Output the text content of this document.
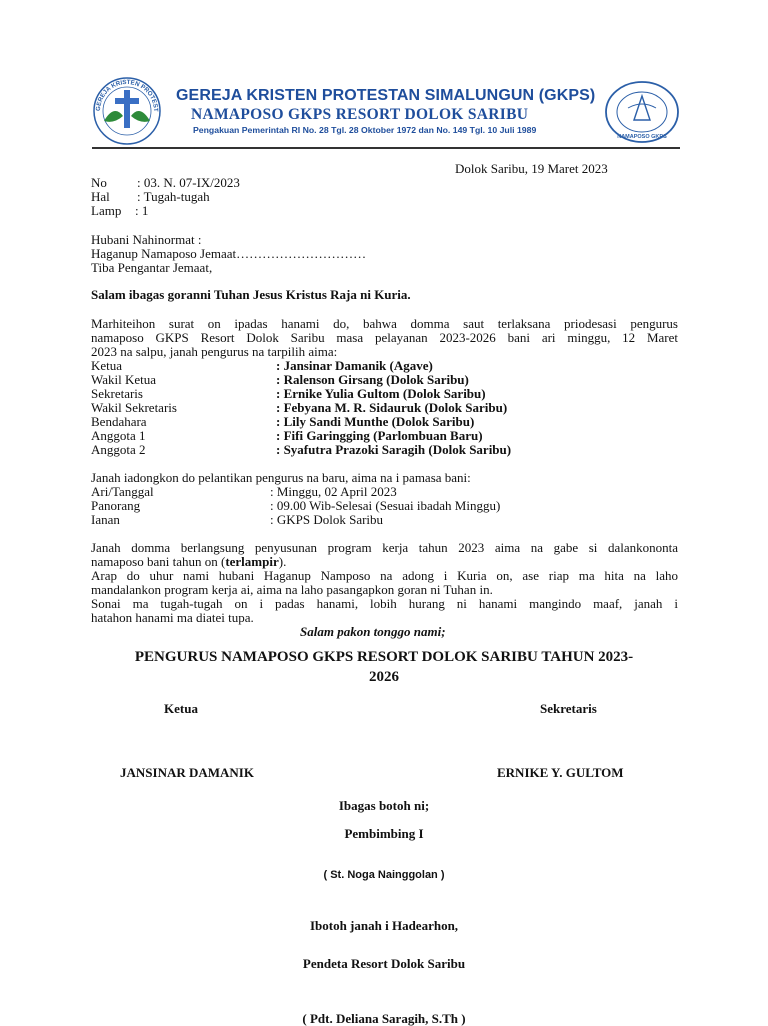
GEREJA KRISTEN PROTEST
GEREJA KRISTEN PROTESTAN SIMALUNGUN (GKPS)
NAMAPOSO GKPS RESORT DOLOK SARIBU
Pengakuan Pemerintah RI No. 28 Tgl. 28 Oktober 1972 dan No. 149 Tgl. 10 Juli 1989
NAMAPOSO GKPS
Dolok Saribu, 19 Maret 2023
No : 03. N. 07-IX/2023
Hal : Tugah-tugah
Lamp : 1
Hubani Nahinormat :
Haganup Namaposo Jemaat…………………………
Tiba Pengantar Jemaat,
Salam ibagas goranni Tuhan Jesus Kristus Raja ni Kuria.
Marhiteihon surat on ipadas hanami do, bahwa domma saut terlaksana priodesasi pengurus
namaposo GKPS Resort Dolok Saribu masa pelayanan 2023-2026 bani ari minggu, 12 Maret
2023 na salpu, janah pengurus na tarpilih aima:
Ketua	: Jansinar Damanik (Agave)
Wakil Ketua	: Ralenson Girsang (Dolok Saribu)
Sekretaris	: Ernike Yulia Gultom (Dolok Saribu)
Wakil Sekretaris	: Febyana M. R. Sidauruk (Dolok Saribu)
Bendahara	: Lily Sandi Munthe (Dolok Saribu)
Anggota 1	: Fifi Garingging (Parlombuan Baru)
Anggota 2	: Syafutra Prazoki Saragih (Dolok Saribu)
Janah iadongkon do pelantikan pengurus na baru, aima na i pamasa bani:
Ari/Tanggal	: Minggu, 02 April 2023
Panorang	: 09.00 Wib-Selesai (Sesuai ibadah Minggu)
Ianan	: GKPS Dolok Saribu
Janah domma berlangsung penyusunan program kerja tahun 2023 aima na gabe si dalankononta
namaposo bani tahun on (terlampir).
Arap do uhur nami hubani Haganup Namposo na adong i Kuria on, ase riap ma hita na laho
mandalankon program kerja ai, aima na laho pasangapkon goran ni Tuhan in.
Sonai ma tugah-tugah on i padas hanami, lobih hurang ni hanami mangindo maaf, janah i
hatahon hanami ma diatei tupa.
Salam pakon tonggo nami;
PENGURUS NAMAPOSO GKPS RESORT DOLOK SARIBU TAHUN 2023-
2026
Ketua	Sekretaris
JANSINAR DAMANIK	ERNIKE Y. GULTOM
Ibagas botoh ni;
Pembimbing I
( St. Noga Nainggolan )
Ibotoh janah i Hadearhon,
Pendeta Resort Dolok Saribu
( Pdt. Deliana Saragih, S.Th )
